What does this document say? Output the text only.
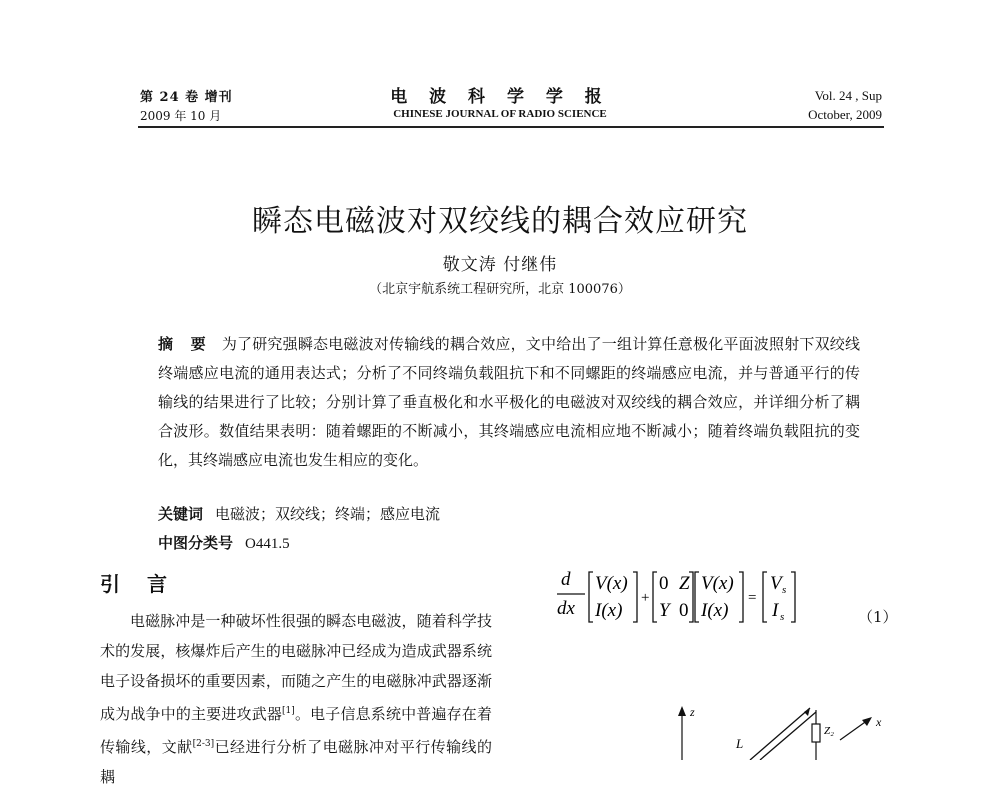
第 24 卷 增刊
2009 年 10 月
电 波 科 学 学 报
CHINESE JOURNAL OF RADIO SCIENCE
Vol. 24 , Sup
October, 2009
瞬态电磁波对双绞线的耦合效应研究
敬文涛 付继伟
（北京宇航系统工程研究所，北京 100076）
摘 要 为了研究强瞬态电磁波对传输线的耦合效应，文中给出了一组计算任意极化平面波照射下双绞线终端感应电流的通用表达式；分析了不同终端负载阻抗下和不同螺距的终端感应电流，并与普通平行的传输线的结果进行了比较；分别计算了垂直极化和水平极化的电磁波对双绞线的耦合效应，并详细分析了耦合波形。数值结果表明：随着螺距的不断减小，其终端感应电流相应地不断减小；随着终端负载阻抗的变化，其终端感应电流也发生相应的变化。
关键词 电磁波；双绞线；终端；感应电流
中图分类号 O441.5
引 言
电磁脉冲是一种破坏性很强的瞬态电磁波，随着科学技术的发展，核爆炸后产生的电磁脉冲已经成为造成武器系统电子设备损坏的重要因素，而随之产生的电磁脉冲武器逐渐成为战争中的主要进攻武器[1]。电子信息系统中普遍存在着传输线，文献[2-3]已经进行分析了电磁脉冲对平行传输线的耦
d
dx
V(x)
I(x)
+
0 Z
Y 0
V(x)
I(x)
=
V s
I s	（1）
z
L
Z₂
x
